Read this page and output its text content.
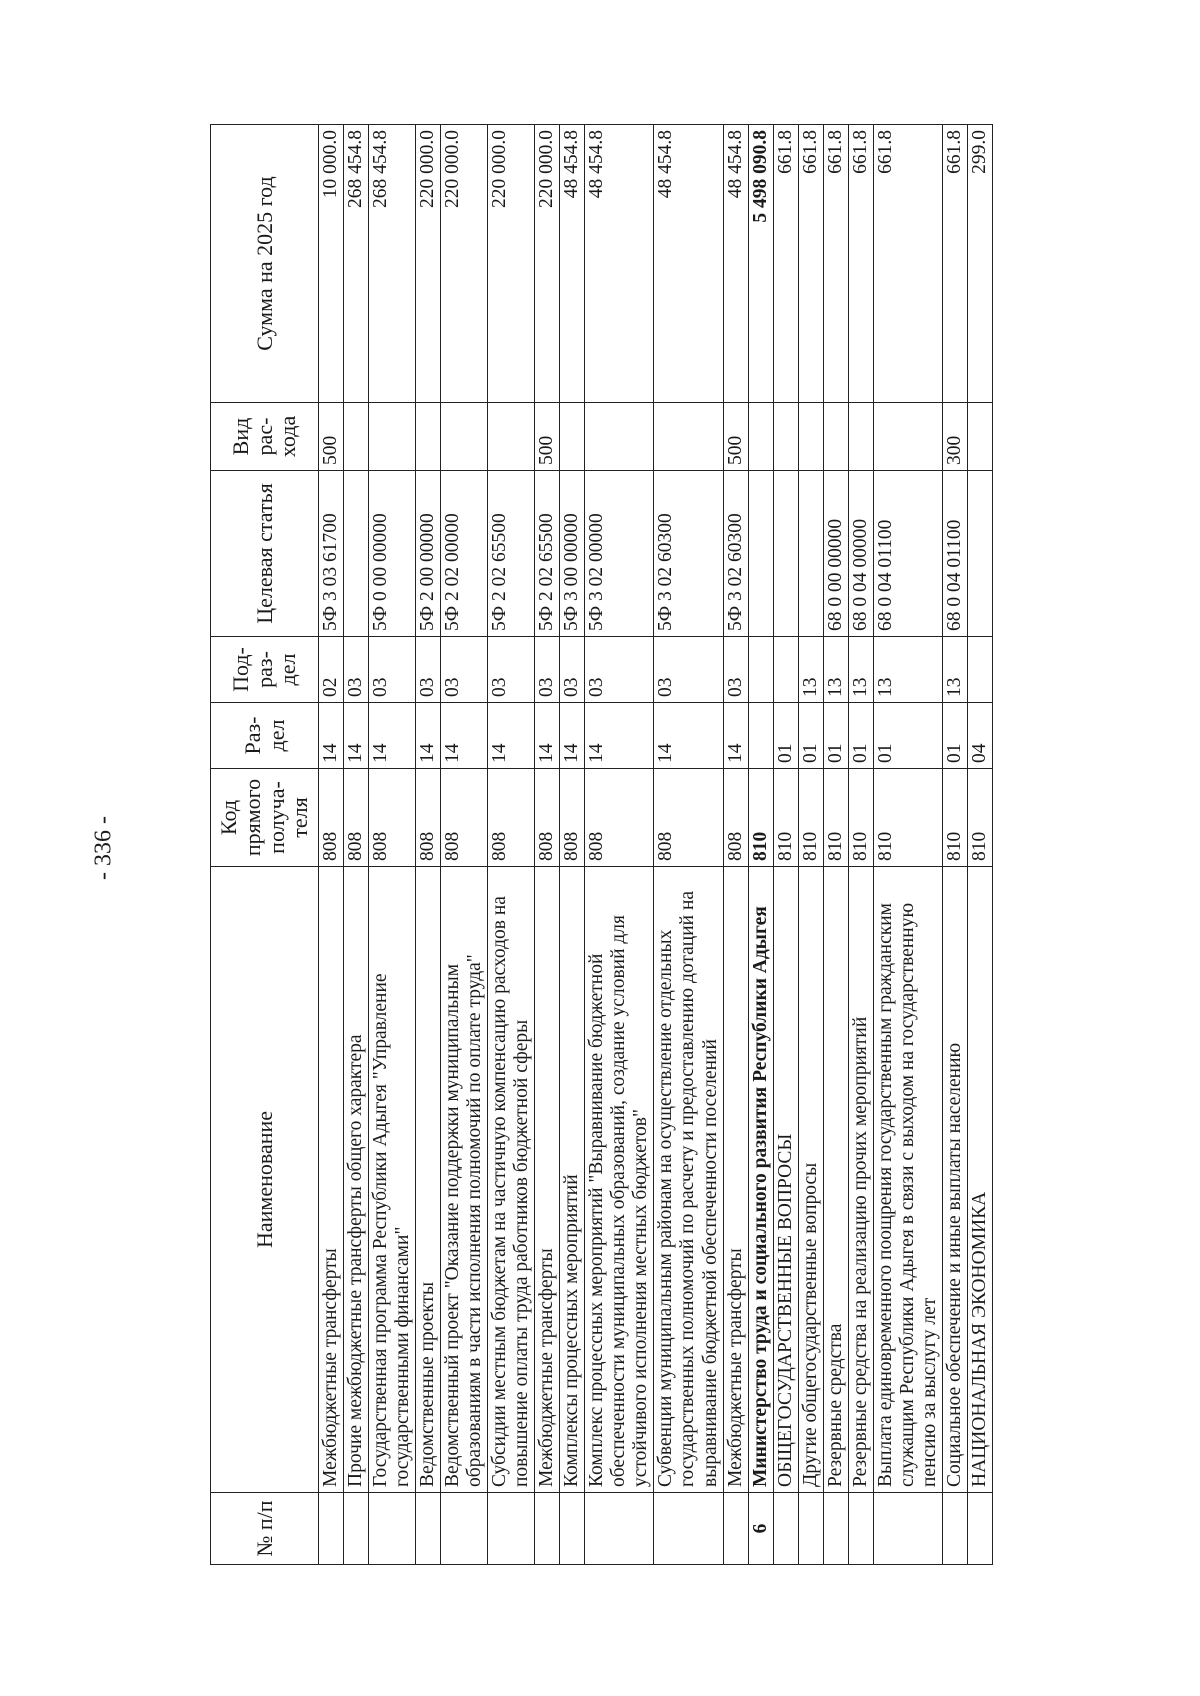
- 336 -
№ п/п	Наименование	Код прямого получа- теля	Раз- дел	Под- раз- дел	Целевая статья	Вид рас- хода	Сумма на 2025 год
	Межбюджетные трансферты	808	14	02	5Ф 3 03 61700	500	10 000.0
	Прочие межбюджетные трансферты общего характера	808	14	03			268 454.8
	Государственная программа Республики Адыгея "Управление государственными финансами"	808	14	03	5Ф 0 00 00000		268 454.8
	Ведомственные проекты	808	14	03	5Ф 2 00 00000		220 000.0
	Ведомственный проект "Оказание поддержки муниципальным образованиям в части исполнения полномочий по оплате труда"	808	14	03	5Ф 2 02 00000		220 000.0
	Субсидии местным бюджетам на частичную компенсацию расходов на повышение оплаты труда работников бюджетной сферы	808	14	03	5Ф 2 02 65500		220 000.0
	Межбюджетные трансферты	808	14	03	5Ф 2 02 65500	500	220 000.0
	Комплексы процессных мероприятий	808	14	03	5Ф 3 00 00000		48 454.8
	Комплекс процессных мероприятий "Выравнивание бюджетной обеспеченности муниципальных образований, создание условий для устойчивого исполнения местных бюджетов"	808	14	03	5Ф 3 02 00000		48 454.8
	Субвенции муниципальным районам на осуществление отдельных государственных полномочий по расчету и предоставлению дотаций на выравнивание бюджетной обеспеченности поселений	808	14	03	5Ф 3 02 60300		48 454.8
	Межбюджетные трансферты	808	14	03	5Ф 3 02 60300	500	48 454.8
6	Министерство труда и социального развития Республики Адыгея	810					5 498 090.8
	ОБЩЕГОСУДАРСТВЕННЫЕ ВОПРОСЫ	810	01				661.8
	Другие общегосударственные вопросы	810	01	13			661.8
	Резервные средства	810	01	13	68 0 00 00000		661.8
	Резервные средства на реализацию прочих мероприятий	810	01	13	68 0 04 00000		661.8
	Выплата единовременного поощрения государственным гражданским служащим Республики Адыгея в связи с выходом на государственную пенсию за выслугу лет	810	01	13	68 0 04 01100		661.8
	Социальное обеспечение и иные выплаты населению	810	01	13	68 0 04 01100	300	661.8
	НАЦИОНАЛЬНАЯ ЭКОНОМИКА	810	04				299.0
